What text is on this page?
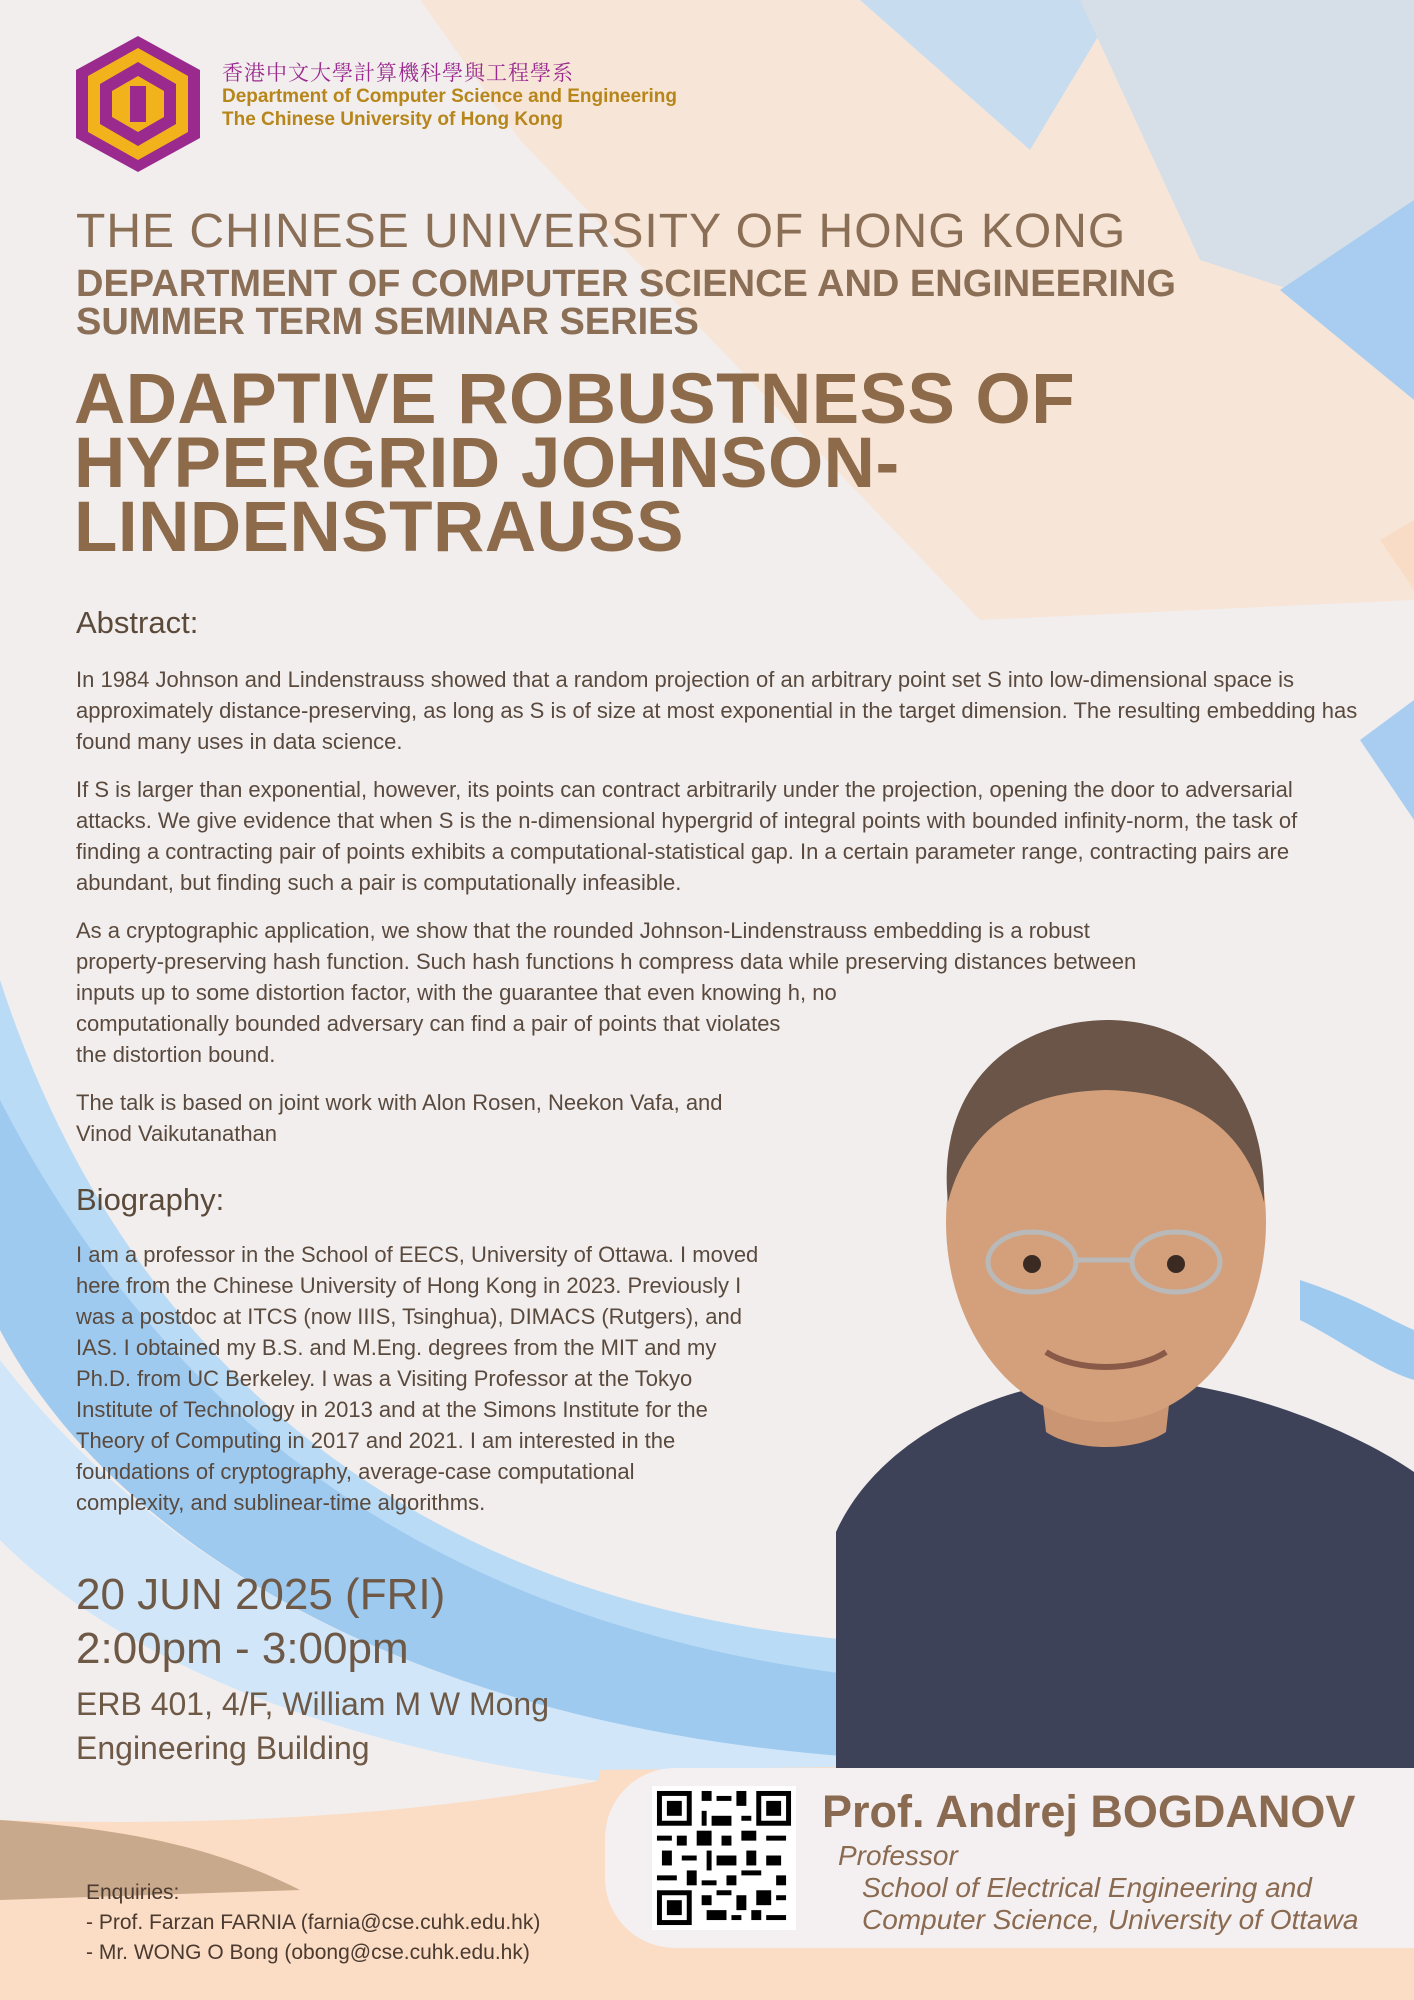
香港中文大學計算機科學與工程學系
Department of Computer Science and Engineering
The Chinese University of Hong Kong
THE CHINESE UNIVERSITY OF HONG KONG
DEPARTMENT OF COMPUTER SCIENCE AND ENGINEERING
SUMMER TERM SEMINAR SERIES
ADAPTIVE ROBUSTNESS OF
HYPERGRID JOHNSON-
LINDENSTRAUSS
Abstract:
In 1984 Johnson and Lindenstrauss showed that a random projection of an arbitrary point set S into low-dimensional space is approximately distance-preserving, as long as S is of size at most exponential in the target dimension. The resulting embedding has found many uses in data science.
If S is larger than exponential, however, its points can contract arbitrarily under the projection, opening the door to adversarial attacks. We give evidence that when S is the n-dimensional hypergrid of integral points with bounded infinity-norm, the task of finding a contracting pair of points exhibits a computational-statistical gap. In a certain parameter range, contracting pairs are abundant, but finding such a pair is computationally infeasible.
As a cryptographic application, we show that the rounded Johnson-Lindenstrauss embedding is a robust
property-preserving hash function. Such hash functions h compress data while preserving distances between
inputs up to some distortion factor, with the guarantee that even knowing h, no
computationally bounded adversary can find a pair of points that violates
the distortion bound.
The talk is based on joint work with Alon Rosen, Neekon Vafa, and
Vinod Vaikutanathan
Biography:
I am a professor in the School of EECS, University of Ottawa. I moved
here from the Chinese University of Hong Kong in 2023. Previously I
was a postdoc at ITCS (now IIIS, Tsinghua), DIMACS (Rutgers), and
IAS. I obtained my B.S. and M.Eng. degrees from the MIT and my
Ph.D. from UC Berkeley. I was a Visiting Professor at the Tokyo
Institute of Technology in 2013 and at the Simons Institute for the
Theory of Computing in 2017 and 2021. I am interested in the
foundations of cryptography, average-case computational
complexity, and sublinear-time algorithms.
20 JUN 2025 (FRI)
2:00pm - 3:00pm
ERB 401, 4/F, William M W Mong
Engineering Building
Prof. Andrej BOGDANOV
Professor
School of Electrical Engineering and
Computer Science, University of Ottawa
Enquiries:
- Prof. Farzan FARNIA (farnia@cse.cuhk.edu.hk)
- Mr. WONG O Bong (obong@cse.cuhk.edu.hk)
